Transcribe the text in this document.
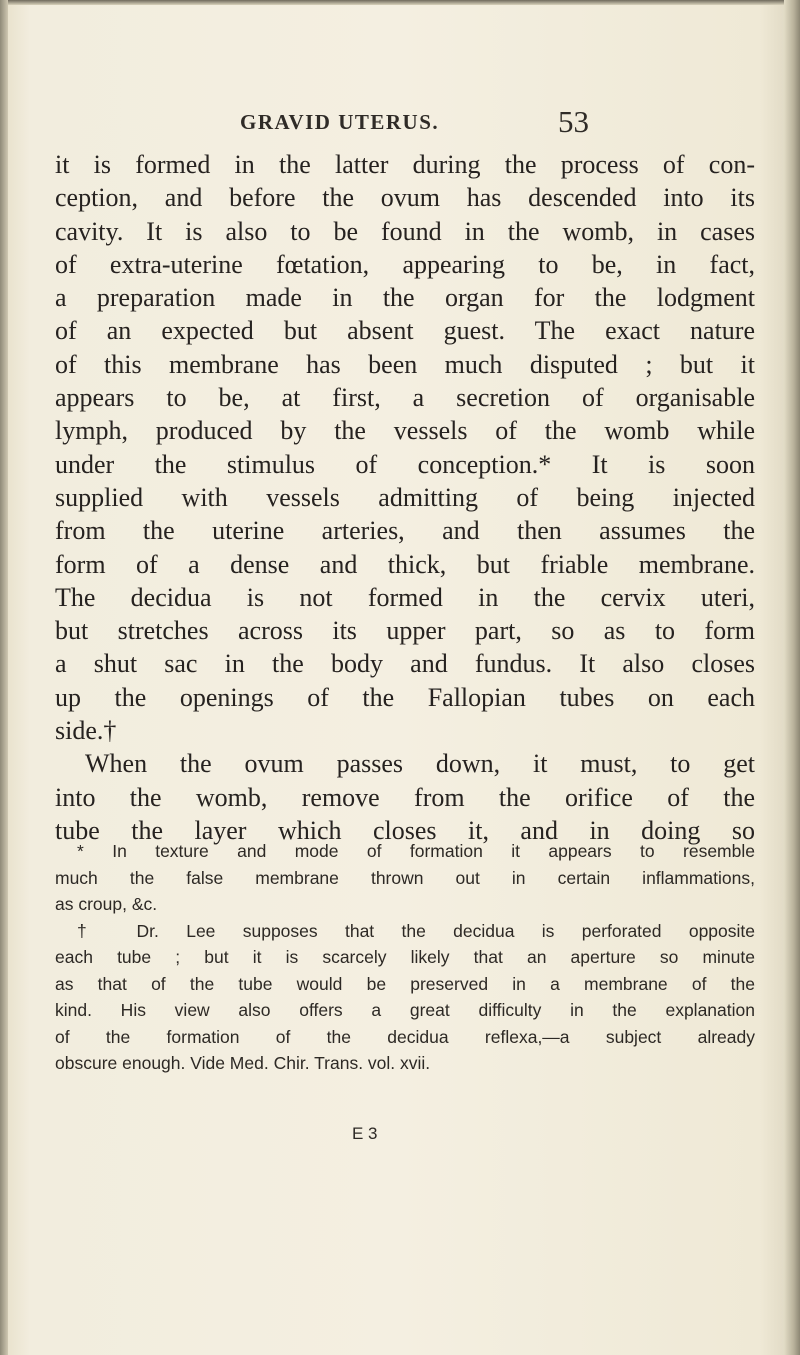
GRAVID UTERUS.	53
it is formed in the latter during the process of con-
ception, and before the ovum has descended into its
cavity. It is also to be found in the womb, in cases
of extra-uterine fœtation, appearing to be, in fact,
a preparation made in the organ for the lodgment
of an expected but absent guest. The exact nature
of this membrane has been much disputed ; but it
appears to be, at first, a secretion of organisable
lymph, produced by the vessels of the womb while
under the stimulus of conception.* It is soon
supplied with vessels admitting of being injected
from the uterine arteries, and then assumes the
form of a dense and thick, but friable membrane.
The decidua is not formed in the cervix uteri,
but stretches across its upper part, so as to form
a shut sac in the body and fundus. It also closes
up the openings of the Fallopian tubes on each
side.†
When the ovum passes down, it must, to get
into the womb, remove from the orifice of the
tube the layer which closes it, and in doing so
* In texture and mode of formation it appears to resemble
much the false membrane thrown out in certain inflammations,
as croup, &c.
† Dr. Lee supposes that the decidua is perforated opposite
each tube ; but it is scarcely likely that an aperture so minute
as that of the tube would be preserved in a membrane of the
kind. His view also offers a great difficulty in the explanation
of the formation of the decidua reflexa,—a subject already
obscure enough. Vide Med. Chir. Trans. vol. xvii.
E 3
